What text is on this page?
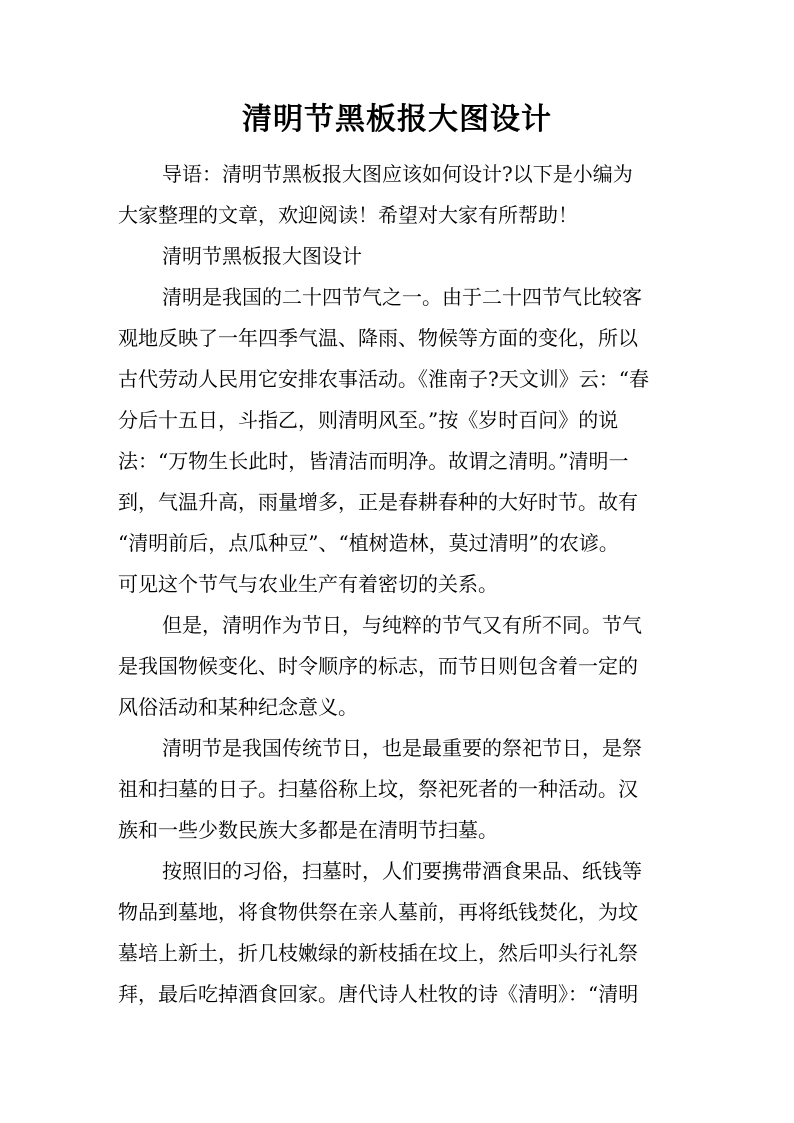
清明节黑板报大图设计
导语：清明节黑板报大图应该如何设计?以下是小编为
大家整理的文章，欢迎阅读！希望对大家有所帮助！
清明节黑板报大图设计
清明是我国的二十四节气之一。由于二十四节气比较客
观地反映了一年四季气温、降雨、物候等方面的变化，所以
古代劳动人民用它安排农事活动。《淮南子?天文训》云：“春
分后十五日，斗指乙，则清明风至。”按《岁时百问》的说
法：“万物生长此时，皆清洁而明净。故谓之清明。”清明一
到，气温升高，雨量增多，正是春耕春种的大好时节。故有
“清明前后，点瓜种豆”、“植树造林，莫过清明”的农谚。
可见这个节气与农业生产有着密切的关系。
但是，清明作为节日，与纯粹的节气又有所不同。节气
是我国物候变化、时令顺序的标志，而节日则包含着一定的
风俗活动和某种纪念意义。
清明节是我国传统节日，也是最重要的祭祀节日，是祭
祖和扫墓的日子。扫墓俗称上坟，祭祀死者的一种活动。汉
族和一些少数民族大多都是在清明节扫墓。
按照旧的习俗，扫墓时，人们要携带酒食果品、纸钱等
物品到墓地，将食物供祭在亲人墓前，再将纸钱焚化，为坟
墓培上新土，折几枝嫩绿的新枝插在坟上，然后叩头行礼祭
拜，最后吃掉酒食回家。唐代诗人杜牧的诗《清明》：“清明
